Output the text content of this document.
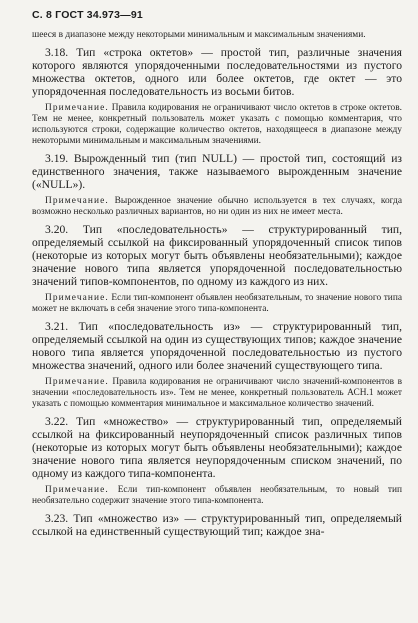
С. 8 ГОСТ 34.973—91

шееся в диапазоне между некоторыми минимальным и максимальным значениями.

3.18. Тип «строка октетов» — простой тип, различные значения которого являются упорядоченными последовательностями из пустого множества октетов, одного или более октетов, где октет — это упорядоченная последовательность из восьми битов.

Примечание. Правила кодирования не ограничивают число октетов в строке октетов. Тем не менее, конкретный пользователь может указать с помощью комментария, что используются строки, содержащие количество октетов, находящееся в диапазоне между некоторыми минимальным и максимальным значениями.

3.19. Вырожденный тип (тип NULL) — простой тип, состоящий из единственного значения, также называемого вырожденным значение («NULL»).

Примечание. Вырожденное значение обычно используется в тех случаях, когда возможно несколько различных вариантов, но ни один из них не имеет места.

3.20. Тип «последовательность» — структурированный тип, определяемый ссылкой на фиксированный упорядоченный список типов (некоторые из которых могут быть объявлены необязательными); каждое значение нового типа является упорядоченной последовательностью значений типов-компонентов, по одному из каждого из них.

Примечание. Если тип-компонент объявлен необязательным, то значение нового типа может не включать в себя значение этого типа-компонента.

3.21. Тип «последовательность из» — структурированный тип, определяемый ссылкой на один из существующих типов; каждое значение нового типа является упорядоченной последовательностью из пустого множества значений, одного или более значений существующего типа.

Примечание. Правила кодирования не ограничивают число значений-компонентов в значении «последовательность из». Тем не менее, конкретный пользователь АСН.1 может указать с помощью комментария минимальное и максимальное количество значений.

3.22. Тип «множество» — структурированный тип, определяемый ссылкой на фиксированный неупорядоченный список различных типов (некоторые из которых могут быть объявлены необязательными); каждое значение нового типа является неупорядоченным списком значений, по одному из каждого типа-компонента.

Примечание. Если тип-компонент объявлен необязательным, то новый тип необязательно содержит значение этого типа-компонента.

3.23. Тип «множество из» — структурированный тип, определяемый ссылкой на единственный существующий тип; каждое зна-
